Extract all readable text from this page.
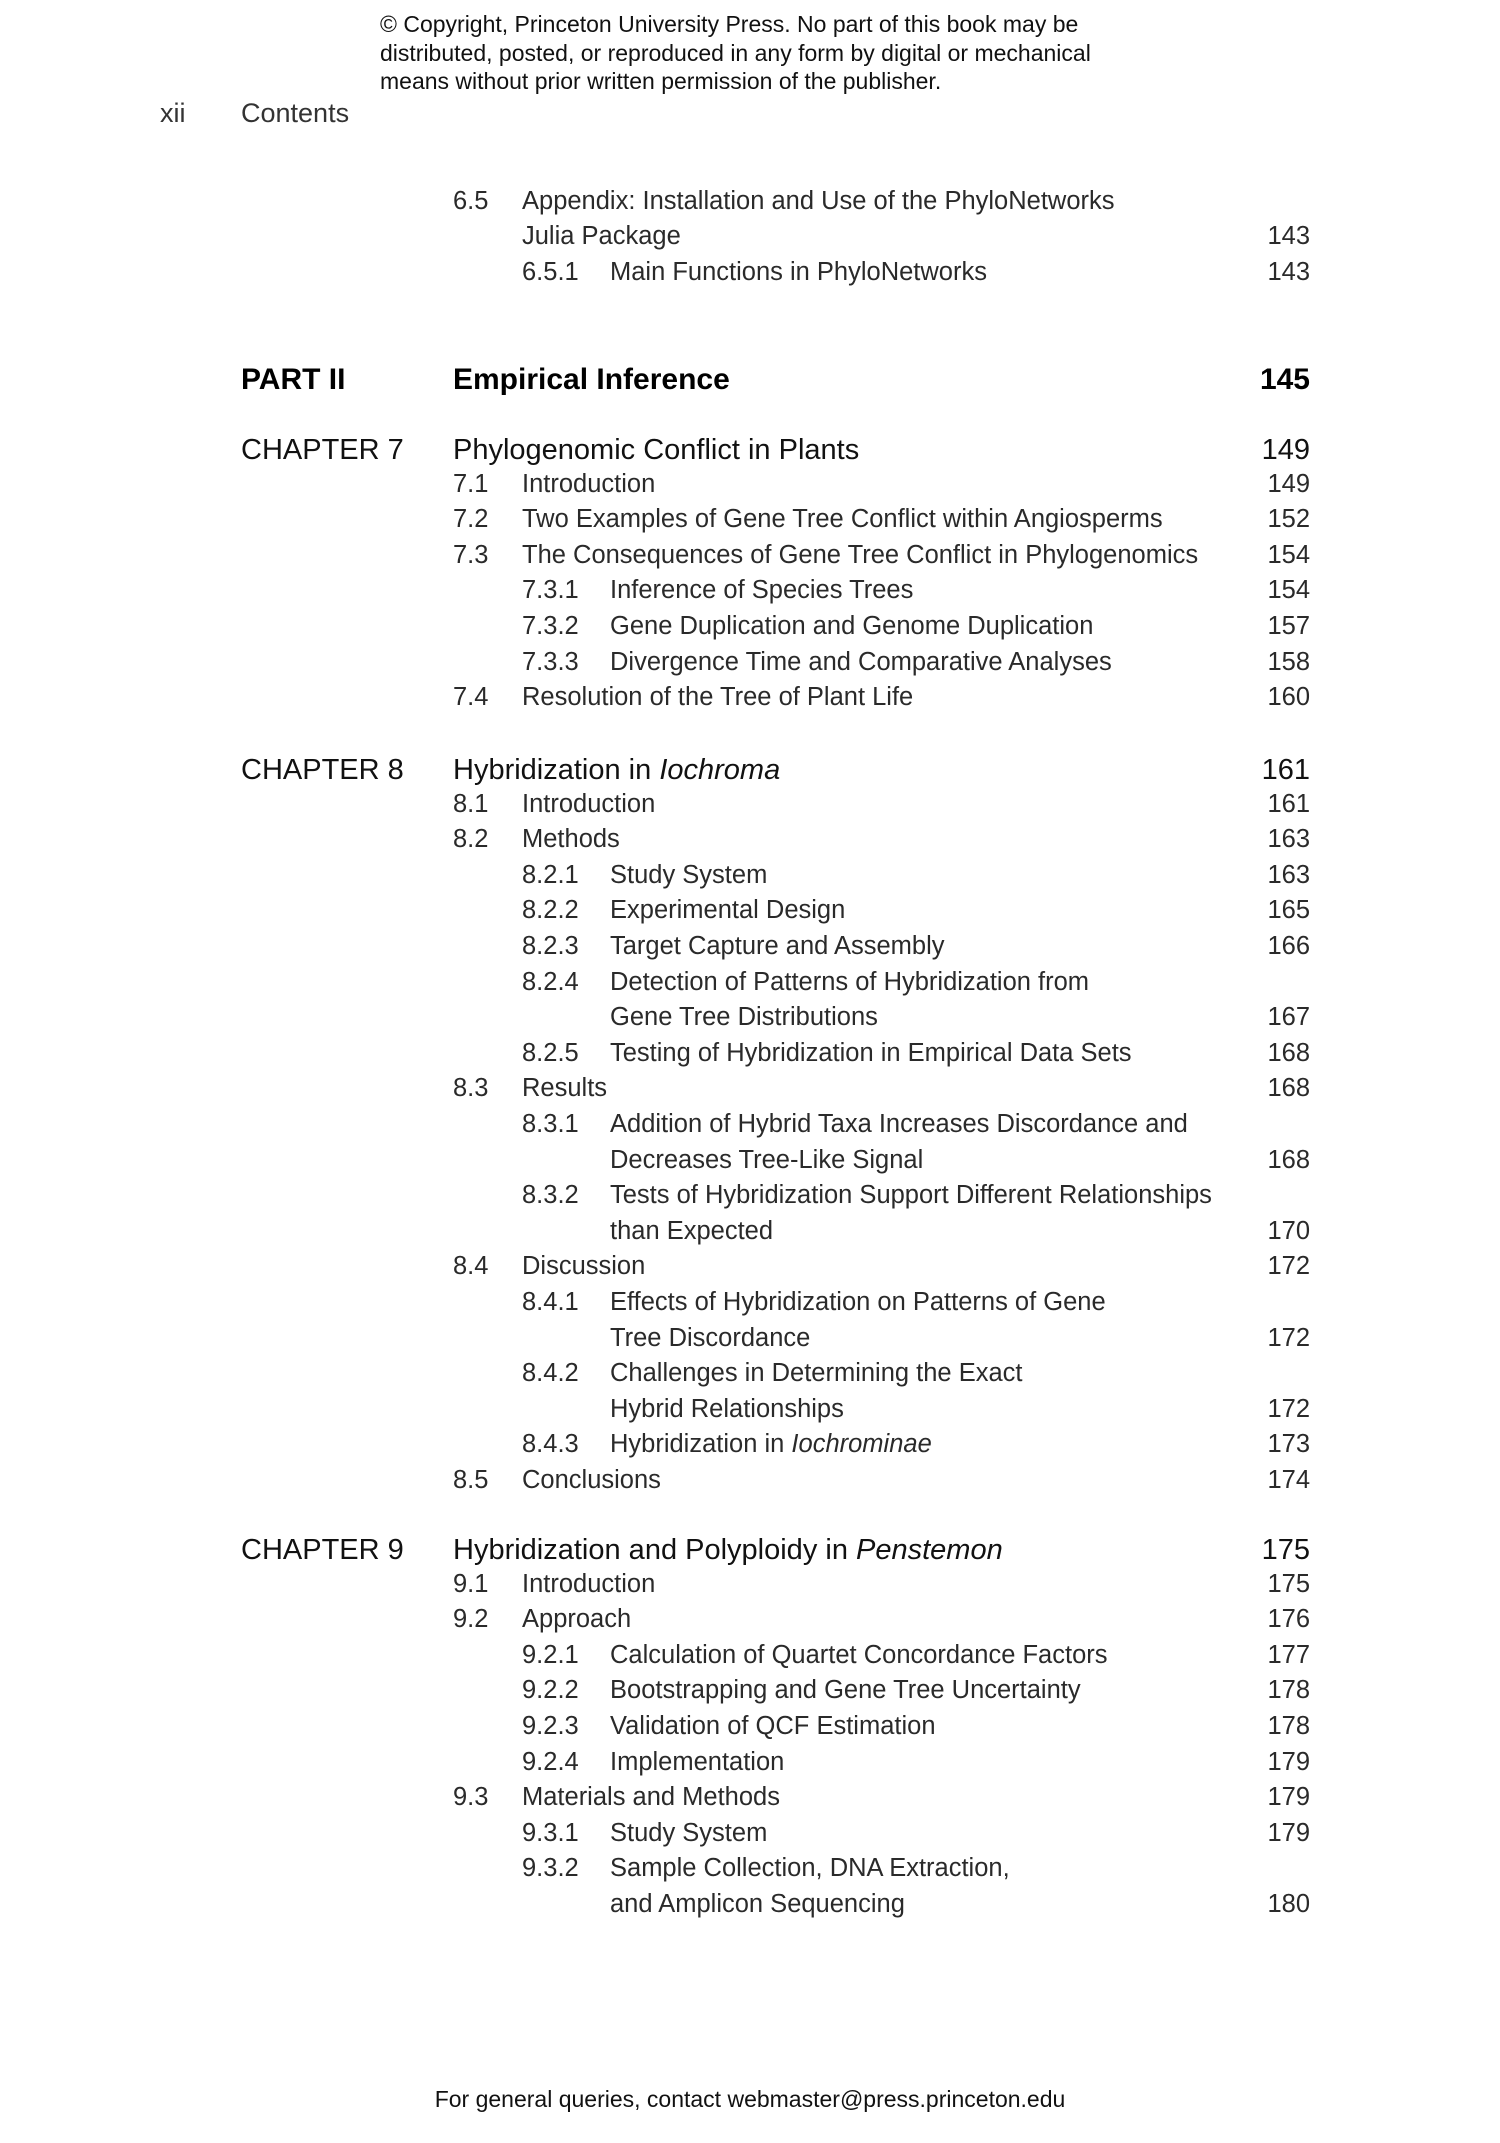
© Copyright, Princeton University Press. No part of this book may be
distributed, posted, or reproduced in any form by digital or mechanical
means without prior written permission of the publisher.
xii Contents
6.5 Appendix: Installation and Use of the PhyloNetworks
Julia Package	143
6.5.1 Main Functions in PhyloNetworks	143
PART II	Empirical Inference	145
CHAPTER 7 Phylogenomic Conflict in Plants	149
7.1 Introduction	149
7.2 Two Examples of Gene Tree Conflict within Angiosperms	152
7.3 The Consequences of Gene Tree Conflict in Phylogenomics	154
7.3.1 Inference of Species Trees	154
7.3.2 Gene Duplication and Genome Duplication	157
7.3.3 Divergence Time and Comparative Analyses	158
7.4 Resolution of the Tree of Plant Life	160
CHAPTER 8 Hybridization in Iochroma	161
8.1 Introduction	161
8.2 Methods	163
8.2.1 Study System	163
8.2.2 Experimental Design	165
8.2.3 Target Capture and Assembly	166
8.2.4 Detection of Patterns of Hybridization from
Gene Tree Distributions	167
8.2.5 Testing of Hybridization in Empirical Data Sets	168
8.3 Results	168
8.3.1 Addition of Hybrid Taxa Increases Discordance and
Decreases Tree-Like Signal	168
8.3.2 Tests of Hybridization Support Different Relationships
than Expected	170
8.4 Discussion	172
8.4.1 Effects of Hybridization on Patterns of Gene
Tree Discordance	172
8.4.2 Challenges in Determining the Exact
Hybrid Relationships	172
8.4.3 Hybridization in Iochrominae	173
8.5 Conclusions	174
CHAPTER 9 Hybridization and Polyploidy in Penstemon	175
9.1 Introduction	175
9.2 Approach	176
9.2.1 Calculation of Quartet Concordance Factors	177
9.2.2 Bootstrapping and Gene Tree Uncertainty	178
9.2.3 Validation of QCF Estimation	178
9.2.4 Implementation	179
9.3 Materials and Methods	179
9.3.1 Study System	179
9.3.2 Sample Collection, DNA Extraction,
and Amplicon Sequencing	180
For general queries, contact webmaster@press.princeton.edu
